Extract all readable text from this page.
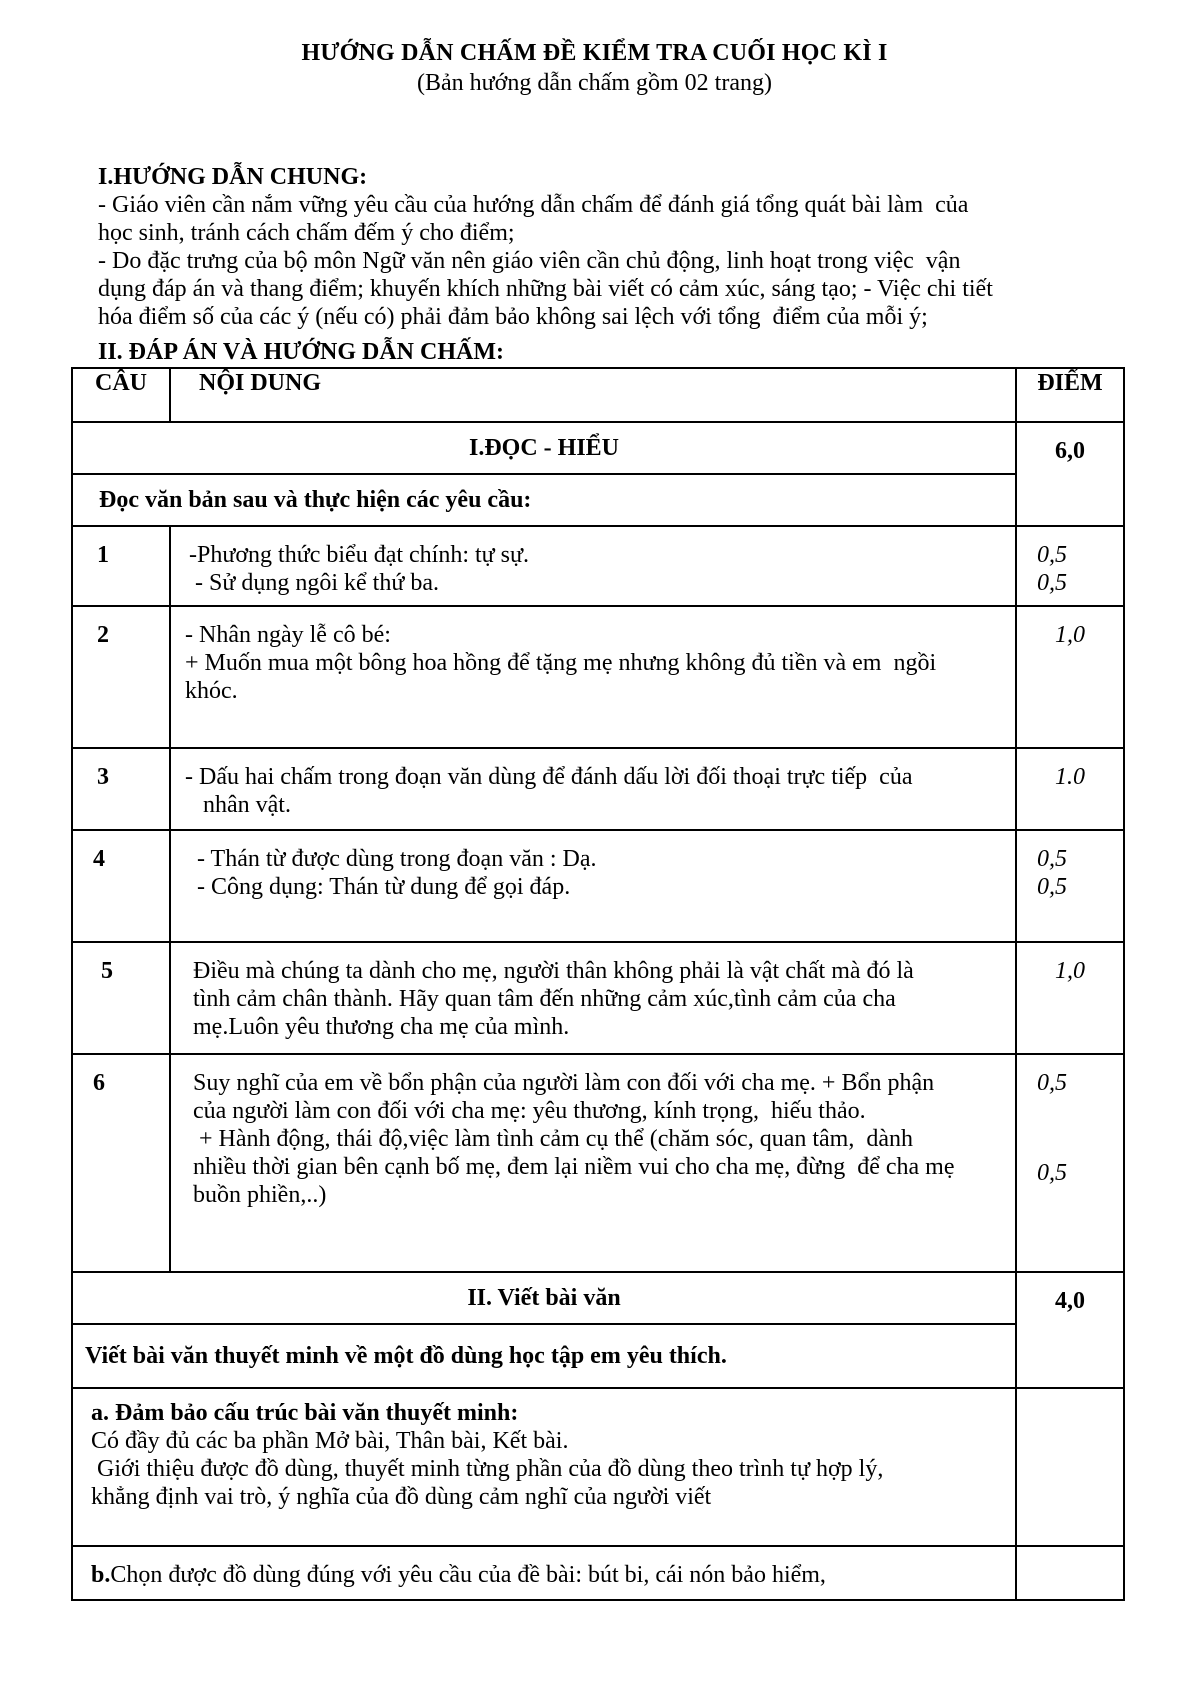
HƯỚNG DẪN CHẤM ĐỀ KIỂM TRA CUỐI HỌC KÌ I
(Bản hướng dẫn chấm gồm 02 trang)
I.HƯỚNG DẪN CHUNG:
- Giáo viên cần nắm vững yêu cầu của hướng dẫn chấm để đánh giá tổng quát bài làm  của
học sinh, tránh cách chấm đếm ý cho điểm;
- Do đặc trưng của bộ môn Ngữ văn nên giáo viên cần chủ động, linh hoạt trong việc  vận
dụng đáp án và thang điểm; khuyến khích những bài viết có cảm xúc, sáng tạo; - Việc chi tiết
hóa điểm số của các ý (nếu có) phải đảm bảo không sai lệch với tổng  điểm của mỗi ý;
II. ĐÁP ÁN VÀ HƯỚNG DẪN CHẤM:
CÂU	NỘI DUNG	ĐIỂM
I.ĐỌC - HIỂU		6,0
Đọc văn bản sau và thực hiện các yêu cầu:		
1	-Phương thức biểu đạt chính: tự sự.
- Sử dụng ngôi kể thứ ba.	0,5
0,5

2	- Nhân ngày lễ cô bé:
+ Muốn mua một bông hoa hồng để tặng mẹ nhưng không đủ tiền và em  ngồi
khóc.	1,0

3	- Dấu hai chấm trong đoạn văn dùng để đánh dấu lời đối thoại trực tiếp  của
nhân vật.	1.0

4	- Thán từ được dùng trong đoạn văn : Dạ.
- Công dụng: Thán từ dung để gọi đáp.	0,5
0,5

5	Điều mà chúng ta dành cho mẹ, người thân không phải là vật chất mà đó là
tình cảm chân thành. Hãy quan tâm đến những cảm xúc,tình cảm của cha
mẹ.Luôn yêu thương cha mẹ của mình.	1,0

6	Suy nghĩ của em về bổn phận của người làm con đối với cha mẹ. + Bổn phận
của người làm con đối với cha mẹ: yêu thương, kính trọng,  hiếu thảo.
+ Hành động, thái độ,việc làm tình cảm cụ thể (chăm sóc, quan tâm,  dành
nhiều thời gian bên cạnh bố mẹ, đem lại niềm vui cho cha mẹ, đừng  để cha mẹ
buồn phiền,..)	0,5
0,5

II. Viết bài văn		4,0
Viết bài văn thuyết minh về một đồ dùng học tập em yêu thích.		

a. Đảm bảo cấu trúc bài văn thuyết minh:
Có đầy đủ các ba phần Mở bài, Thân bài, Kết bài.
Giới thiệu được đồ dùng, thuyết minh từng phần của đồ dùng theo trình tự hợp lý,
khẳng định vai trò, ý nghĩa của đồ dùng cảm nghĩ của người viết		

b.Chọn được đồ dùng đúng với yêu cầu của đề bài: bút bi, cái nón bảo hiểm,		
